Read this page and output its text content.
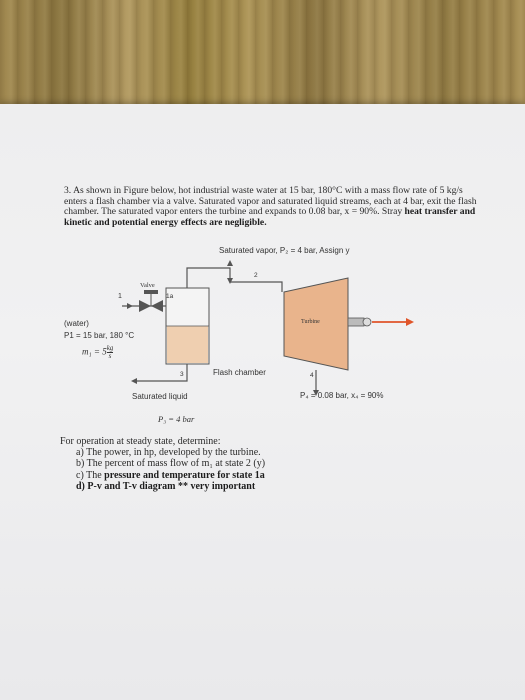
3. As shown in Figure below, hot industrial waste water at 15 bar, 180°C with a mass flow rate of 5 kg/s enters a flash chamber via a valve. Saturated vapor and saturated liquid streams, each at 4 bar, exit the flash chamber. The saturated vapor enters the turbine and expands to 0.08 bar, x = 90%. Stray heat transfer and kinetic and potential energy effects are negligible.
Saturated vapor, P₂ = 4 bar, Assign y
Valve
1	1a
2
Turbine
(water)
P1 = 15 bar, 180 °C
$m_1 = 5 \frac{kg}{s}$
Flash chamber
3	4
Saturated liquid	P₄ = 0.08 bar, x₄ = 90%
P₃ = 4 bar
For operation at steady state, determine:
a) The power, in hp, developed by the turbine.
b) The percent of mass flow of m₁ at state 2 (y)
c) The pressure and temperature for state 1a
d) P-v and T-v diagram ** very important
